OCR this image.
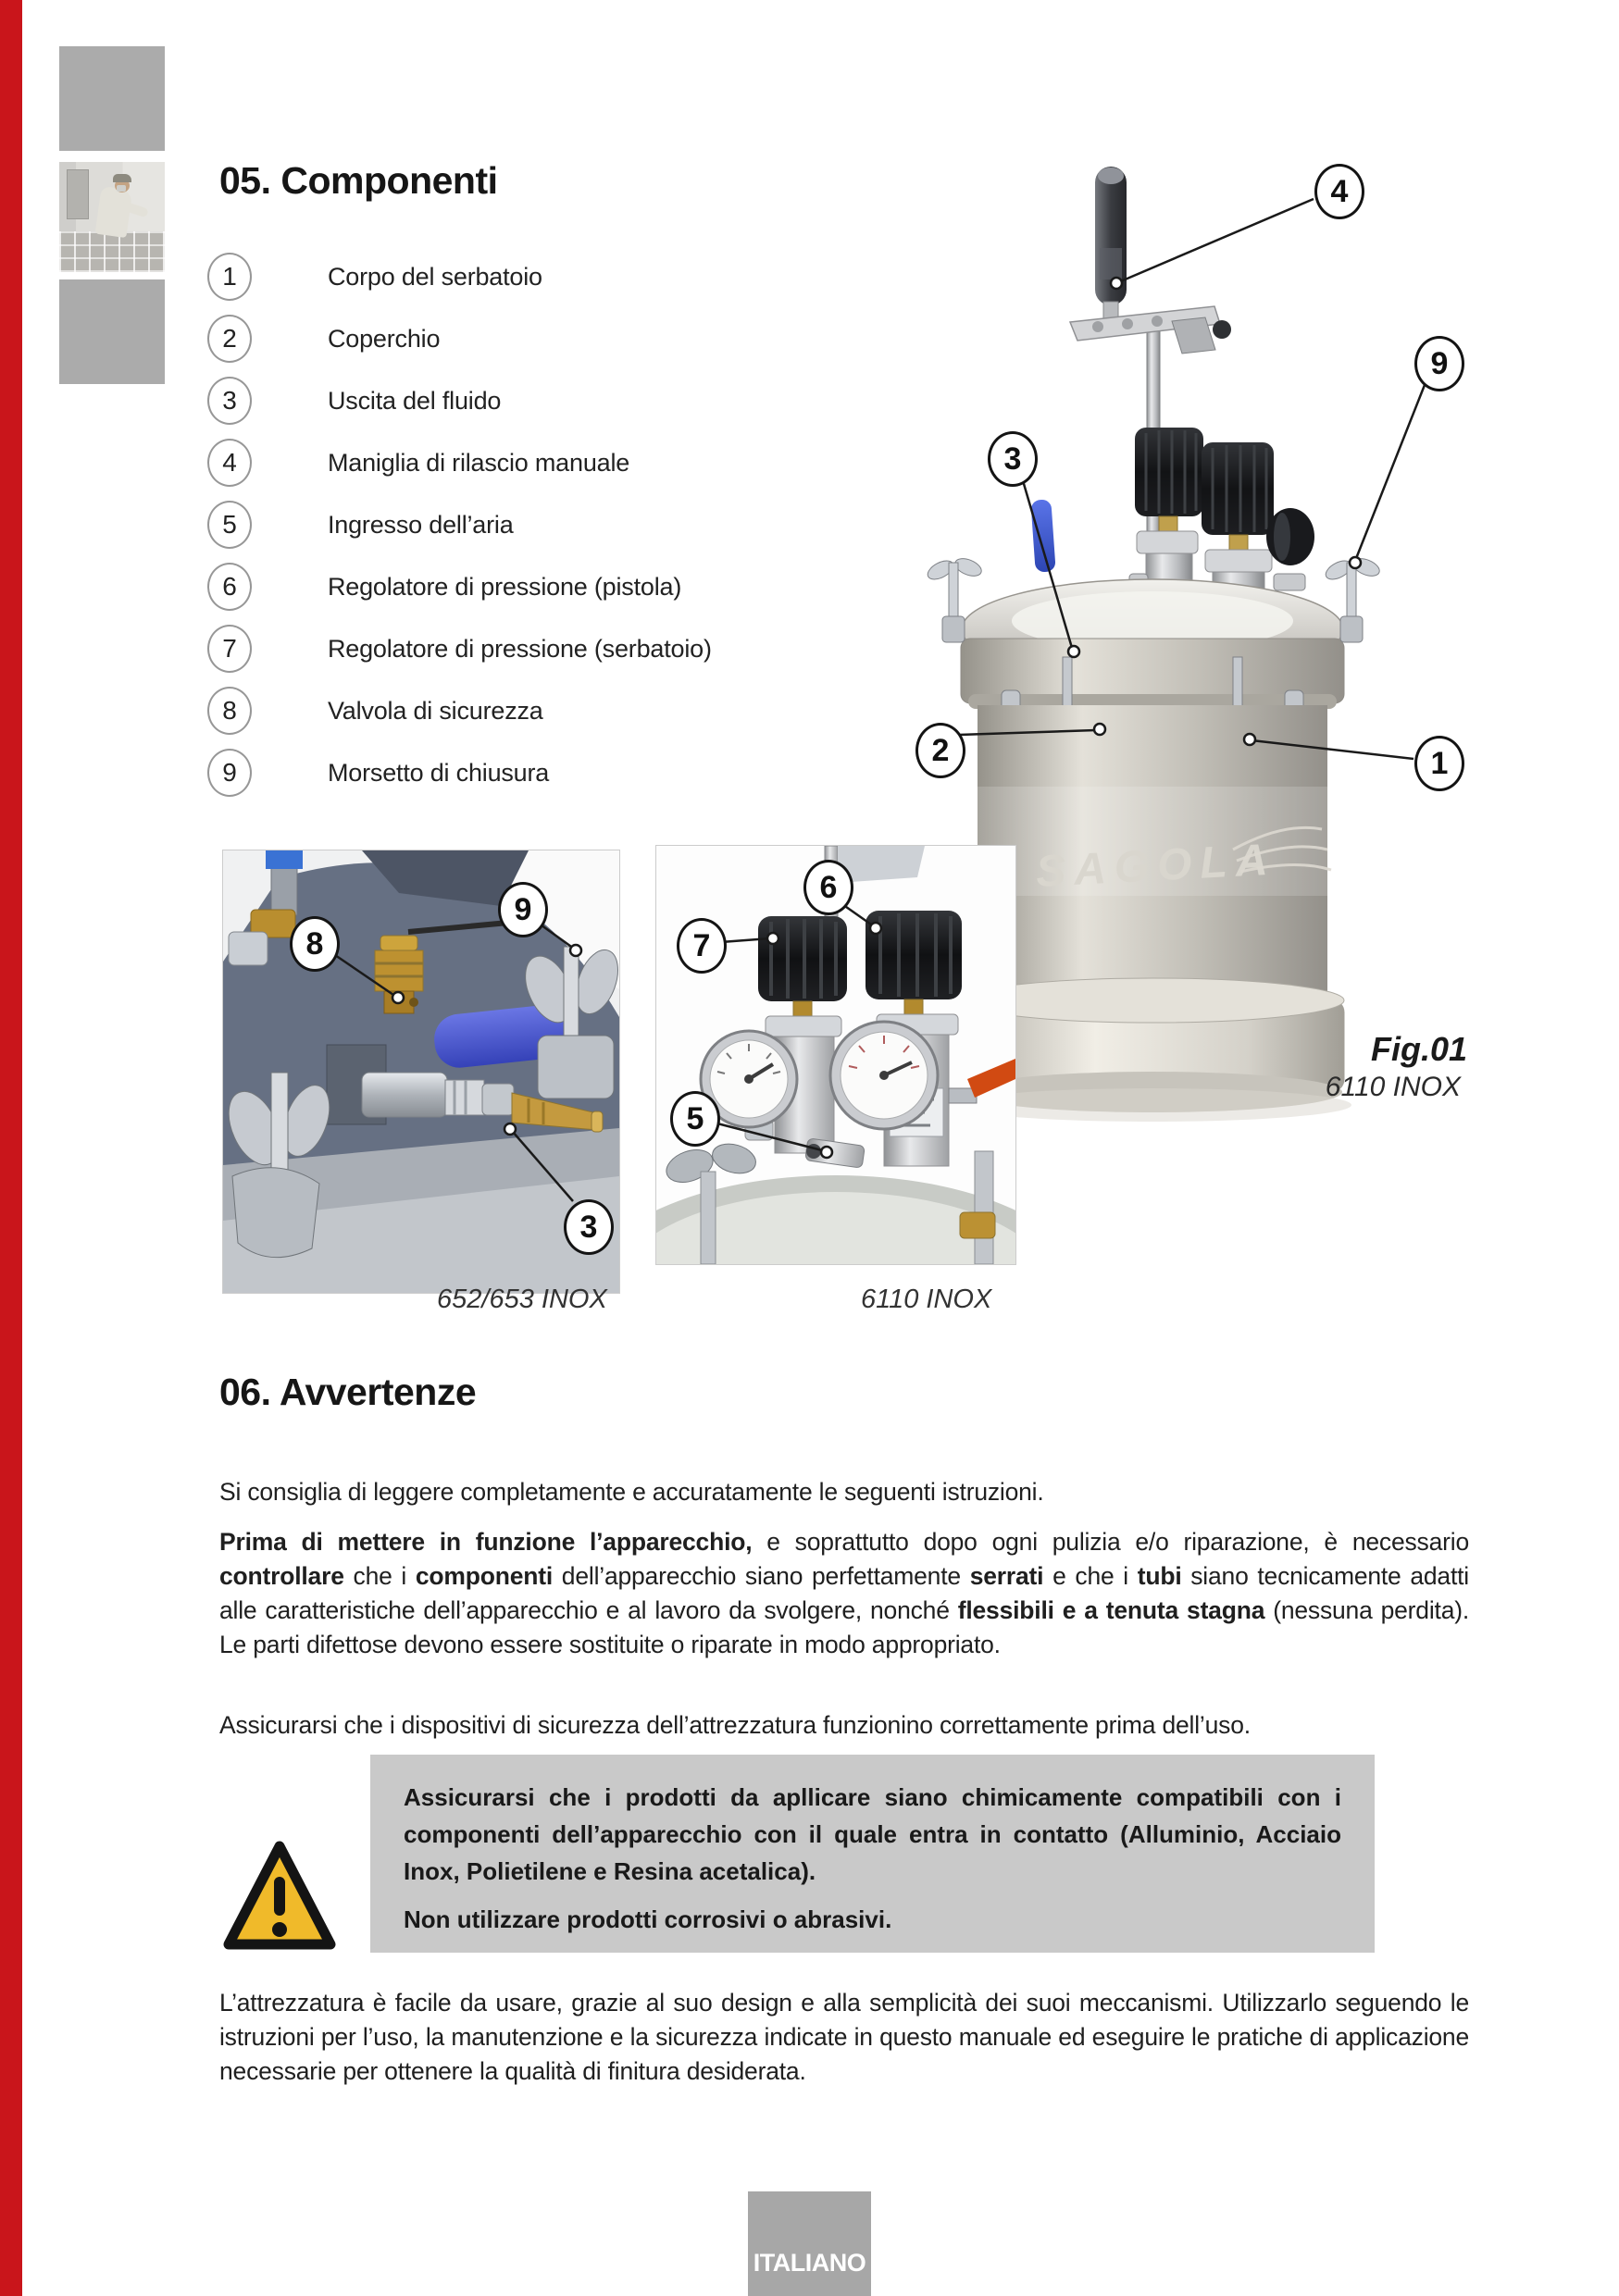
05. Componenti
1	Corpo del serbatoio
2	Coperchio
3	Uscita del fluido
4	Maniglia di rilascio manuale
5	Ingresso dell’aria
6	Regolatore di pressione (pistola)
7	Regolatore di pressione (serbatoio)
8	Valvola di sicurezza
9	Morsetto di chiusura
SAGOLA
652/653 INOX	6110 INOX
Fig.01
6110 INOX
4
9
3
2	1
8
9
3
6
7
5
06. Avvertenze
Si consiglia di leggere completamente e accuratamente le seguenti istruzioni.
Prima di mettere in funzione l’apparecchio, e soprattutto dopo ogni pulizia e/o riparazione, è necessario controllare che i componenti dell’apparecchio siano perfettamente serrati e che i tubi siano tecnicamente adatti alle caratteristiche dell’apparecchio e al lavoro da svolgere, nonché flessibili e a tenuta stagna (nessuna perdita). Le parti difettose devono essere sostituite o riparate in modo appropriato.
Assicurarsi che i dispositivi di sicurezza dell’attrezzatura funzionino correttamente prima dell’uso.
Assicurarsi che i prodotti da apllicare siano chimicamente compatibili con i componenti dell’apparecchio con il quale entra in contatto (Alluminio, Acciaio Inox, Polietilene e Resina acetalica).
Non utilizzare prodotti corrosivi o abrasivi.
L’attrezzatura è facile da usare, grazie al suo design e alla semplicità dei suoi meccanismi. Utilizzarlo seguendo le istruzioni per l’uso, la manutenzione e la sicurezza indicate in questo manuale ed eseguire le pratiche di applicazione necessarie per ottenere la qualità di finitura desiderata.
ITALIANO
